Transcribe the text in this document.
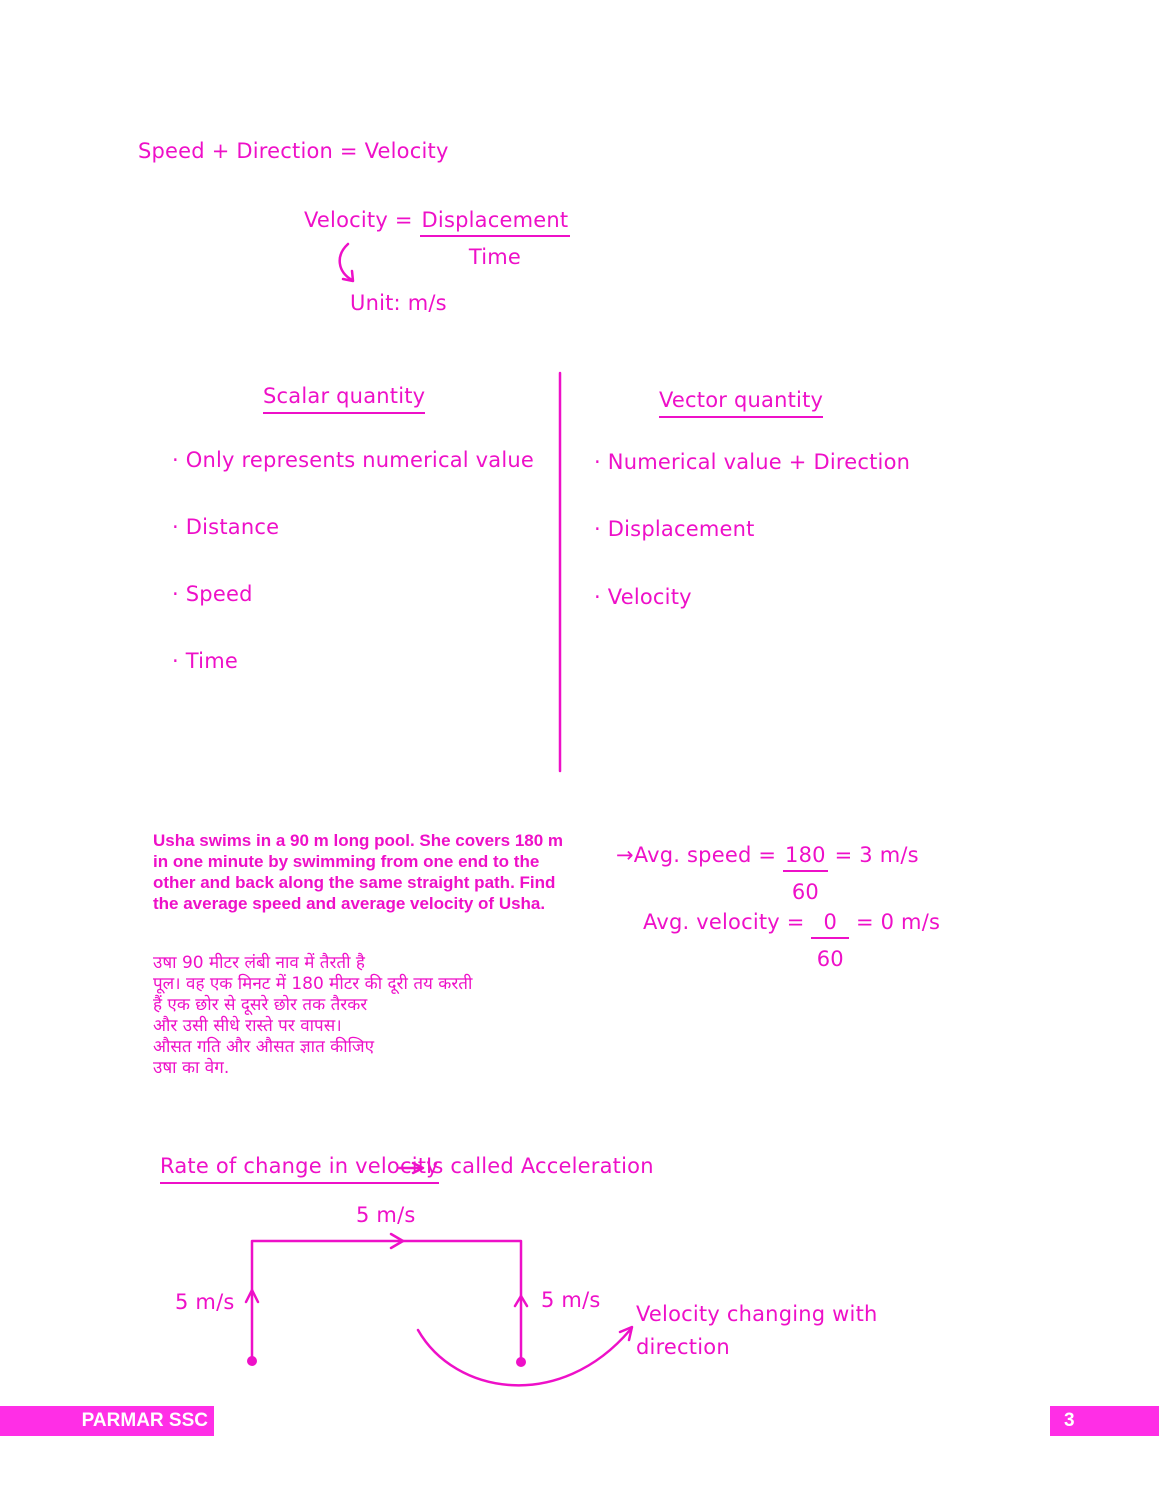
Speed + Direction = Velocity
Velocity = $\frac{\text{Displacement}}{\text{Time}}$
Unit: m/s
Scalar quantity
· Only represents numerical value
· Distance
· Speed
· Time
Vector quantity
· Numerical value + Direction
· Displacement
· Velocity
Usha swims in a 90 m long pool. She covers 180 m in one minute by swimming from one end to the other and back along the same straight path. Find the average speed and average velocity of Usha.
उषा 90 मीटर लंबी नाव में तैरती है
पूल। वह एक मिनट में 180 मीटर की दूरी तय करती
हैं एक छोर से दूसरे छोर तक तैरकर
और उसी सीधे रास्ते पर वापस।
औसत गति और औसत ज्ञात कीजिए
उषा का वेग.
→Avg. speed = $\frac{180}{60} = 3$ m/s
Avg. velocity = $\frac{0}{60} = 0$ m/s
Rate of change in velocity
Is called Acceleration
5 m/s
5 m/s	5 m/s
Velocity changing with
direction
PARMAR SSC	3
